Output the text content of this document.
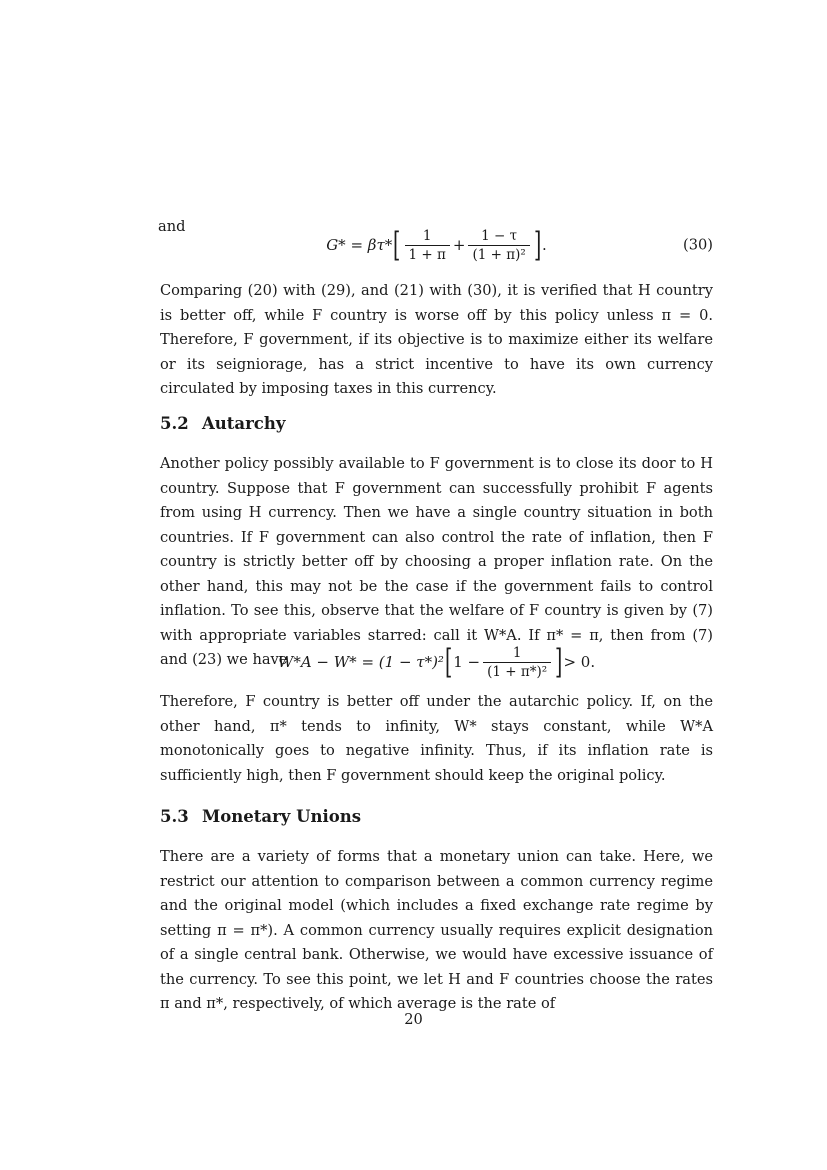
and
G* = βτ* [ $\frac{1}{1 + \pi} + \frac{1 - \tau}{\text{(1 + π)²}}$ ] .	(30)

Comparing (20) with (29), and (21) with (30), it is verified that H country is better off, while F country is worse off by this policy unless π = 0. Therefore, F government, if its objective is to maximize either its welfare or its seigniorage, has a strict incentive to have its own currency circulated by imposing taxes in this currency.

5.2 Autarchy

Another policy possibly available to F government is to close its door to H country. Suppose that F government can successfully prohibit F agents from using H currency. Then we have a single country situation in both countries. If F government can also control the rate of inflation, then F country is strictly better off by choosing a proper inflation rate. On the other hand, this may not be the case if the government fails to control inflation. To see this, observe that the welfare of F country is given by (7) with appropriate variables starred: call it W*A. If π* = π, then from (7) and (23) we have

W*A − W* = (1 − τ*)² [ $1 - \frac{1}{\text{(1 + π*)²}}$ ] > 0.

Therefore, F country is better off under the autarchic policy. If, on the other hand, π* tends to infinity, W* stays constant, while W*A monotonically goes to negative infinity. Thus, if its inflation rate is sufficiently high, then F government should keep the original policy.

5.3 Monetary Unions

There are a variety of forms that a monetary union can take. Here, we restrict our attention to comparison between a common currency regime and the original model (which includes a fixed exchange rate regime by setting π = π*). A common currency usually requires explicit designation of a single central bank. Otherwise, we would have excessive issuance of the currency. To see this point, we let H and F countries choose the rates π and π*, respectively, of which average is the rate of

20
